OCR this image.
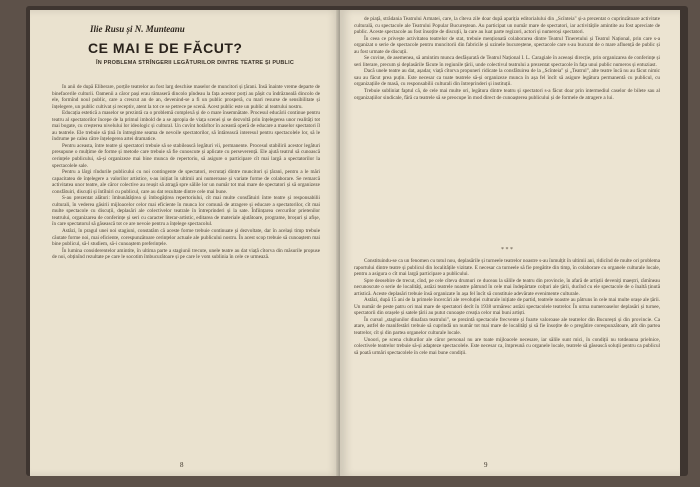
Ilie Rusu și N. Munteanu
CE MAI E DE FĂCUT?
ÎN PROBLEMA STRÎNGERII LEGĂTURILOR DINTRE TEATRE ȘI PUBLIC

În anii de după Eliberare, porțile teatrelor au fost larg deschise maselor de muncitori și țărani. Însă înainte vreme departe de binefacerile culturii. Oamenii a căror pași erau rămaseră dincolo pîndeau la fața acestor porți au pășit cu îndrăzneală dincolo de ele, formînd noul public, care a crescut an de an, devenind-se a fi un public prosperă, cu mari resurse de sensibilitate și înțelegere, un public cultivat și receptiv, atent la tot ce se petrece pe scenă. Acest public este un public al teatrului nostru.

Educația estetică a maselor se prezintă ca o problemă complexă și de o mare însemnătate. Procesul educării continue pentru teatru al spectatorilor începe de la primul imbold de a se apropia de viața scenei și se dezvoltă prin înțelegerea unor realități tot mai bogate, cu creșterea nivelului lor ideologic și cultural. Un cuvînt hotărîtor în această operă de educare a maselor spectatori îl au teatrele. Ele trebuie să țină în întregime seama de nevoile spectatorilor, să întărească interesul pentru spectacolele lor, să le îndrume pe calea către înțelegerea artei dramatice.

Pentru aceasta, între teatre și spectatori trebuie să se stabilească legături vii, permanente. Procesul stabilirii acestor legături presupune o mulțime de forme și metode care trebuie să fie cunoscute și aplicate cu perseverență. Ele ajută teatrul să cunoască cerințele publicului, să-și organizeze mai bine munca de repertoriu, să asigure o participare cît mai largă a spectatorilor la spectacolele sale.

Pentru a lărgi rîndurile publicului cu noi contingente de spectatori, recrutați dintre muncitori și țărani, pentru a le mări capacitatea de înțelegere a valorilor artistice, s-au inițiat în ultimii ani numeroase și variate forme de colaborare. Se remarcă activitatea unor teatre, ale căror colective au reușit să atragă spre sălile lor un număr tot mai mare de spectatori și să organizeze consfătuiri, discuții și întîlniri cu publicul, care au dat rezultate dintre cele mai bune.

S-au prezentat alături: îmbunătățirea și îmbogățirea repertoriului, cît mai multe consfătuiri între teatre și responsabilii culturali, în vederea găsirii mijloacelor celor mai eficiente în munca lor comună de atragere și educare a spectatorilor, cît mai multe spectacole cu discuții, deplasări ale colectivelor teatrale în întreprinderi și la sate. Înființarea cercurilor prietenilor teatrului, organizarea de conferințe și seri cu caracter literar-artistic, editarea de materiale ajutătoare, programe, broșuri și afișe, în care spectatorul să găsească tot ce are nevoie pentru a înțelege spectacolul.

Astăzi, în pragul unei noi stagiuni, constatăm că aceste forme trebuie continuate și dezvoltate, dar în același timp trebuie căutate forme noi, mai eficiente, corespunzătoare cerințelor actuale ale publicului nostru. În acest scop trebuie să cunoaștem mai bine publicul, să-l studiem, să-i cunoaștem preferințele.

În lumina considerentelor amintite, în ultima parte a stagiunii trecute, unele teatre au dat viață cîtorva din măsurile propuse de noi, obținînd rezultate pe care le socotim îmbucurătoare și pe care le vom sublinia în cele ce urmează.

8

de piață, strădania Teatrului Armatei, care, la cîteva zile doar după apariția editorialului din „Scînteia" și-a prezentat o cuprinzătoare activitate culturală, cu spectacole ale Teatrului Popular Bucureștean. Au participat un număr mare de spectatori, iar activitățile amintite au fost apreciate de public. Aceste spectacole au fost însoțite de discuții, la care au luat parte regizori, actori și numeroși spectatori.

În ceea ce privește activitatea teatrelor de stat, trebuie menționată colaborarea dintre Teatrul Tineretului și Teatrul Național, prin care s-a organizat o serie de spectacole pentru muncitorii din fabricile și uzinele bucureștene, spectacole care s-au bucurat de o mare afluență de public și au fost urmate de discuții.

Se cuvine, de asemenea, să amintim munca desfășurată de Teatrul Național I. L. Caragiale în aceeași direcție, prin organizarea de conferințe și seri literare, precum și deplasările făcute în regiunile țării, unde colectivul teatrului a prezentat spectacole în fața unui public numeros și entuziast.

Dacă unele teatre au dat, așadar, viață cîtorva propuneri ridicate la consfătuirea de la „Scînteia" și „Teatrul", alte teatre încă nu au făcut nimic sau au făcut prea puțin. Este necesar ca toate teatrele să-și organizeze munca în așa fel încît să asigure legătura permanentă cu publicul, cu organizațiile de masă, cu responsabilii culturali din întreprinderi și instituții.

Trebuie subliniat faptul că, de cele mai multe ori, legătura dintre teatru și spectatori s-a făcut doar prin intermediul caselor de bilete sau al organizațiilor sindicale, fără ca teatrele să se preocupe în mod direct de cunoașterea publicului și de formele de atragere a lui.

* * *

Constituindu-se ca un fenomen cu totul nou, deplasările și turneele teatrelor noastre s-au înmulțit în ultimii ani, ridicînd de multe ori problema raportului dintre teatre și publicul din localitățile vizitate. E necesar ca turneele să fie pregătite din timp, în colaborare cu organele culturale locale, pentru a asigura o cît mai largă participare a publicului.

Spre deosebire de trecut, cînd, pe cele cîteva drumuri ce duceau la sălile de teatru din provincie, în afară de artiștii deveniți maeștri, rămîneau necunoscute o serie de localități, astăzi teatrele noastre pătrund în cele mai îndepărtate colțuri ale țării, ducînd cu ele spectacole de o înaltă ținută artistică. Aceste deplasări trebuie însă organizate în așa fel încît să constituie adevărate evenimente culturale.

Astăzi, după 15 ani de la primele încercări ale revoluției culturale inițiate de partid, teatrele noastre au pătruns în cele mai multe orașe ale țării. Un număr de peste patru ori mai mare de spectatori decît în 1938 urmăresc astăzi spectacolele teatrelor. În urma numeroaselor deplasări și turnee, spectatorii din orașele și satele țării au putut cunoaște creația celor mai buni artiști.

În cursul „stagiunilor dinafara teatrului", se prezintă spectacole frecvente și foarte valoroase ale teatrelor din București și din provincie. Ca atare, astfel de manifestări trebuie să cuprindă un număr tot mai mare de localități și să fie însoțite de o pregătire corespunzătoare, atît din partea teatrelor, cît și din partea organelor culturale locale.

Unoori, pe scena cluburilor ale căror personal nu are toate mijloacele necesare, iar sălile sunt mici, în condiții nu totdeauna prielnice, colectivele teatrelor trebuie să-și adapteze spectacolele. Este necesar ca, împreună cu organele locale, teatrele să găsească soluții pentru ca publicul să poată urmări spectacolele în cele mai bune condiții.

9
